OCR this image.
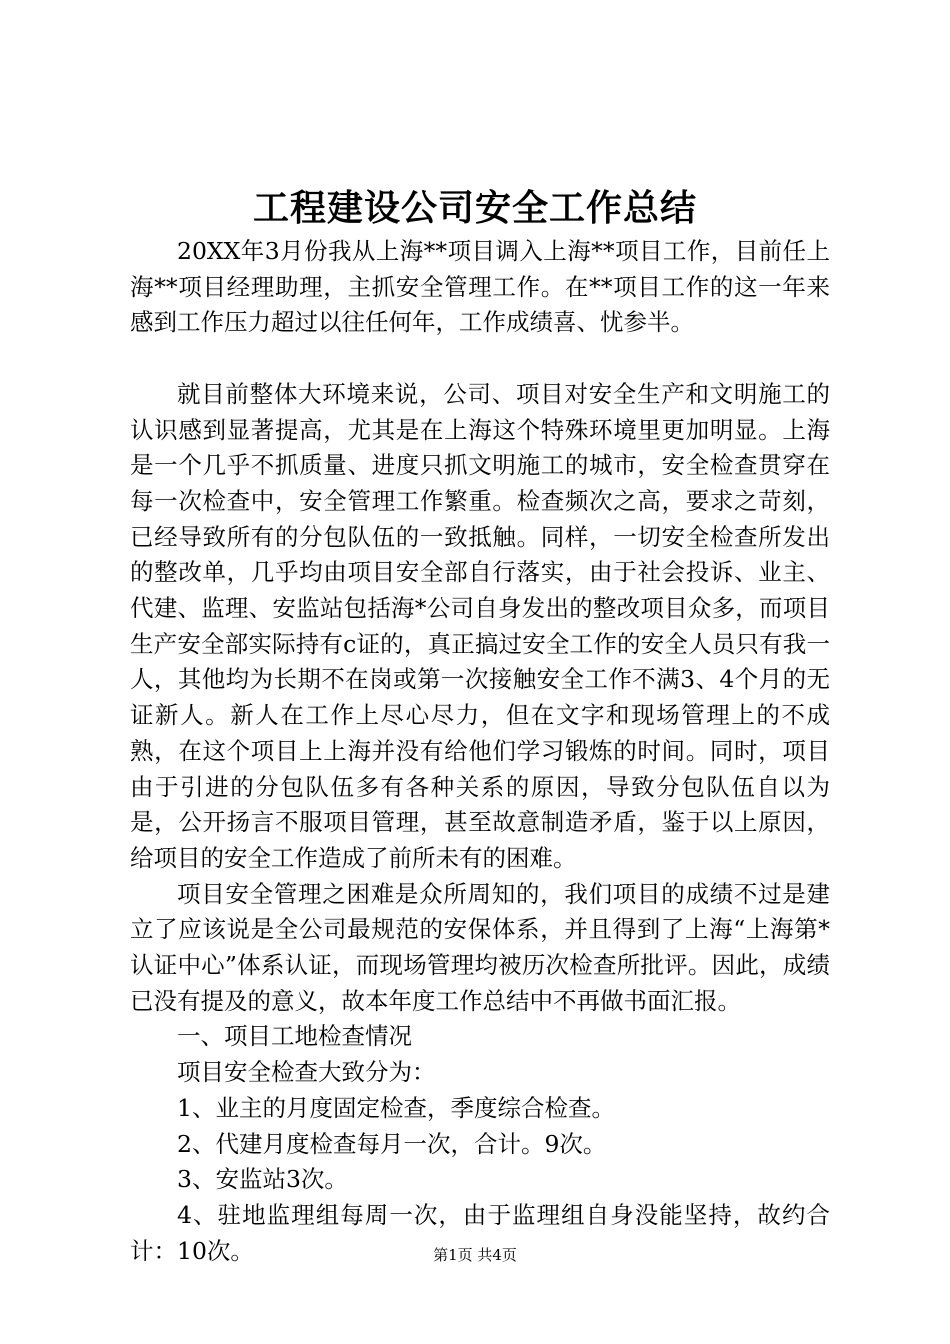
工程建设公司安全工作总结

20XX年3月份我从上海**项目调入上海**项目工作，目前任上海**项目经理助理，主抓安全管理工作。在**项目工作的这一年来感到工作压力超过以往任何年，工作成绩喜、忧参半。

就目前整体大环境来说，公司、项目对安全生产和文明施工的认识感到显著提高，尤其是在上海这个特殊环境里更加明显。上海是一个几乎不抓质量、进度只抓文明施工的城市，安全检查贯穿在每一次检查中，安全管理工作繁重。检查频次之高，要求之苛刻，已经导致所有的分包队伍的一致抵触。同样，一切安全检查所发出的整改单，几乎均由项目安全部自行落实，由于社会投诉、业主、代建、监理、安监站包括海*公司自身发出的整改项目众多，而项目生产安全部实际持有c证的，真正搞过安全工作的安全人员只有我一人，其他均为长期不在岗或第一次接触安全工作不满3、4个月的无证新人。新人在工作上尽心尽力，但在文字和现场管理上的不成熟，在这个项目上上海并没有给他们学习锻炼的时间。同时，项目由于引进的分包队伍多有各种关系的原因，导致分包队伍自以为是，公开扬言不服项目管理，甚至故意制造矛盾，鉴于以上原因，给项目的安全工作造成了前所未有的困难。

项目安全管理之困难是众所周知的，我们项目的成绩不过是建立了应该说是全公司最规范的安保体系，并且得到了上海“上海第*认证中心”体系认证，而现场管理均被历次检查所批评。因此，成绩已没有提及的意义，故本年度工作总结中不再做书面汇报。

一、项目工地检查情况

项目安全检查大致分为：

1、业主的月度固定检查，季度综合检查。

2、代建月度检查每月一次，合计。9次。

3、安监站3次。

4、驻地监理组每周一次，由于监理组自身没能坚持，故约合计：10次。	第1页 共4页
